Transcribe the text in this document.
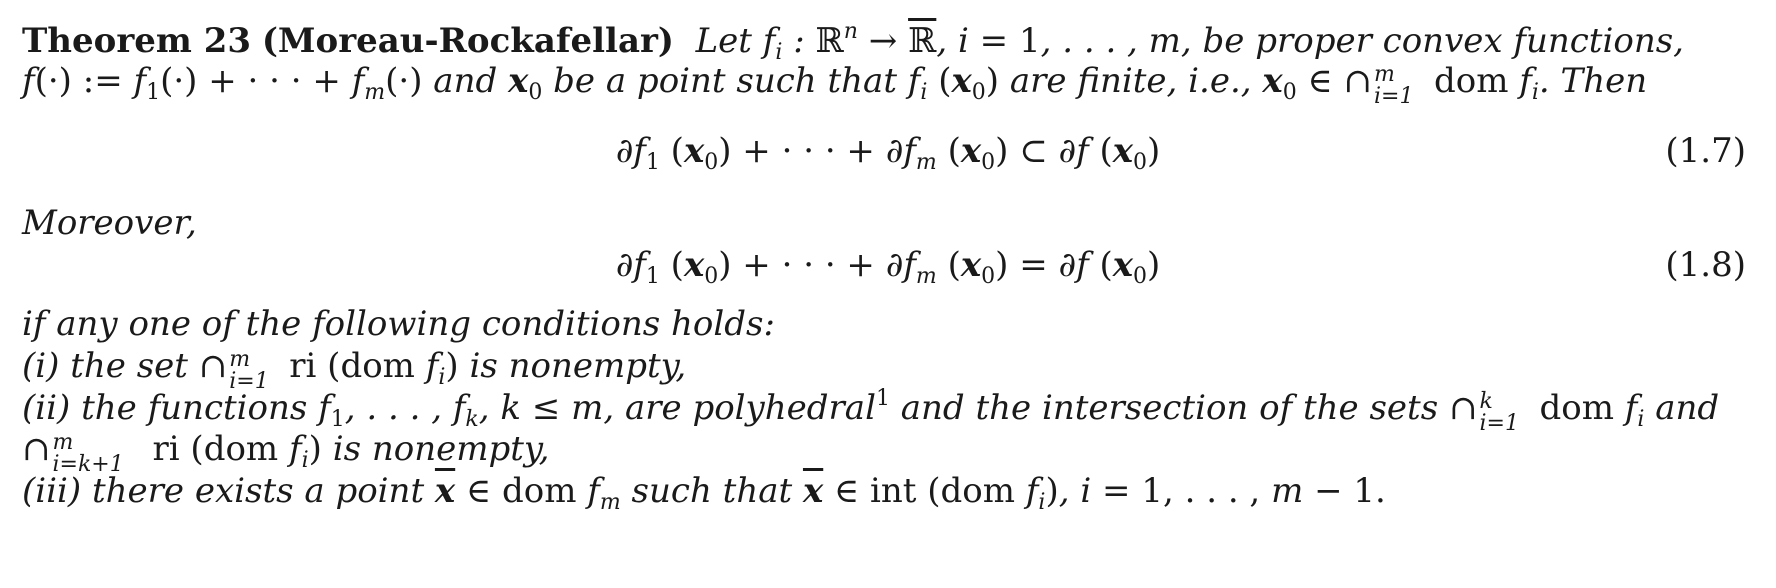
Theorem 23 (Moreau-Rockafellar)  Let $f_i$ : ℝ$^n$ → ℝ, i = 1, . . . , m, be proper convex functions,
f(·) := $f_1(\cdot)$ + · · · + $f_m(\cdot)$ and $x_0$ be a point such that $f_i$ $(x_0)$ are finite, i.e., $x_0$ ∈ ∩ m
i=1 dom $f_i$. Then
$\partial f_1$ $(x_0)$ + · · · + $\partial f_m$ $(x_0)$ ⊂ ∂f $(x_0)$	(1.7)
Moreover,
$\partial f_1$ $(x_0)$ + · · · + $\partial f_m$ $(x_0) = \partial f$ $(x_0)$	(1.8)
if any one of the following conditions holds:
(i) the set ∩ m
i=1 ri (dom $f_i$) is nonempty,
(ii) the functions $f_1$, . . . , $f_k$, k ≤ m, are polyhedral$^1$ and the intersection of the sets ∩ k
i=1 dom $f_i$ and
∩ m
i=k+1 ri (dom $f_i$) is nonempty,
(iii) there exists a point $\overline{x}$ ∈ dom $f_m$ such that $\overline{x}$ ∈ int (dom $f_i$), i = 1, . . . , m − 1.
